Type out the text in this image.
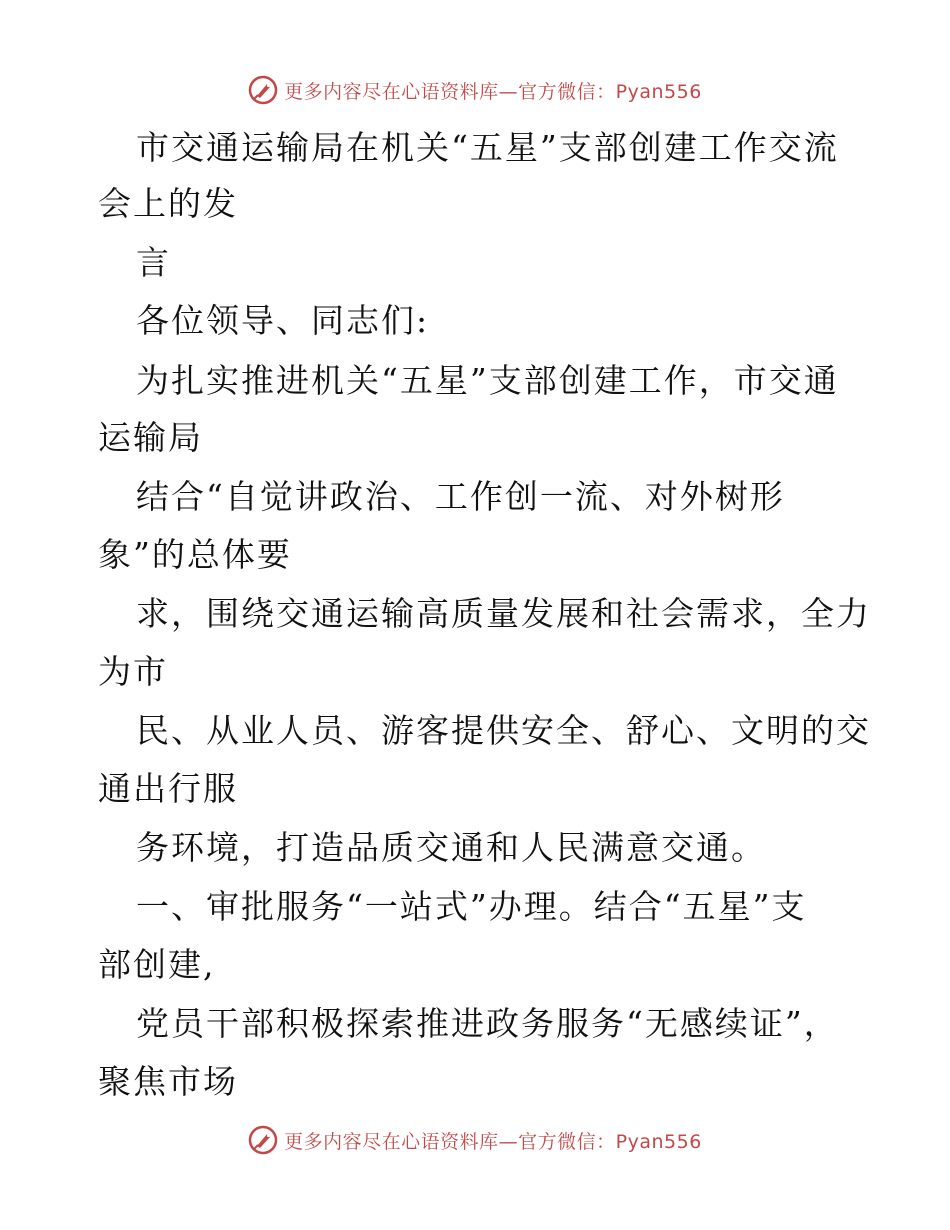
更多内容尽在心语资料库—官方微信：Pyan556
市交通运输局在机关“五星”支部创建工作交流
会上的发
言
各位领导、同志们:
为扎实推进机关“五星”支部创建工作，市交通
运输局
结合“自觉讲政治、工作创一流、对外树形
象”的总体要
求，围绕交通运输高质量发展和社会需求，全力
为市
民、从业人员、游客提供安全、舒心、文明的交
通出行服
务环境，打造品质交通和人民满意交通。
一、审批服务“一站式”办理。结合“五星”支
部创建,
党员干部积极探索推进政务服务“无感续证”，
聚焦市场
更多内容尽在心语资料库—官方微信：Pyan556
